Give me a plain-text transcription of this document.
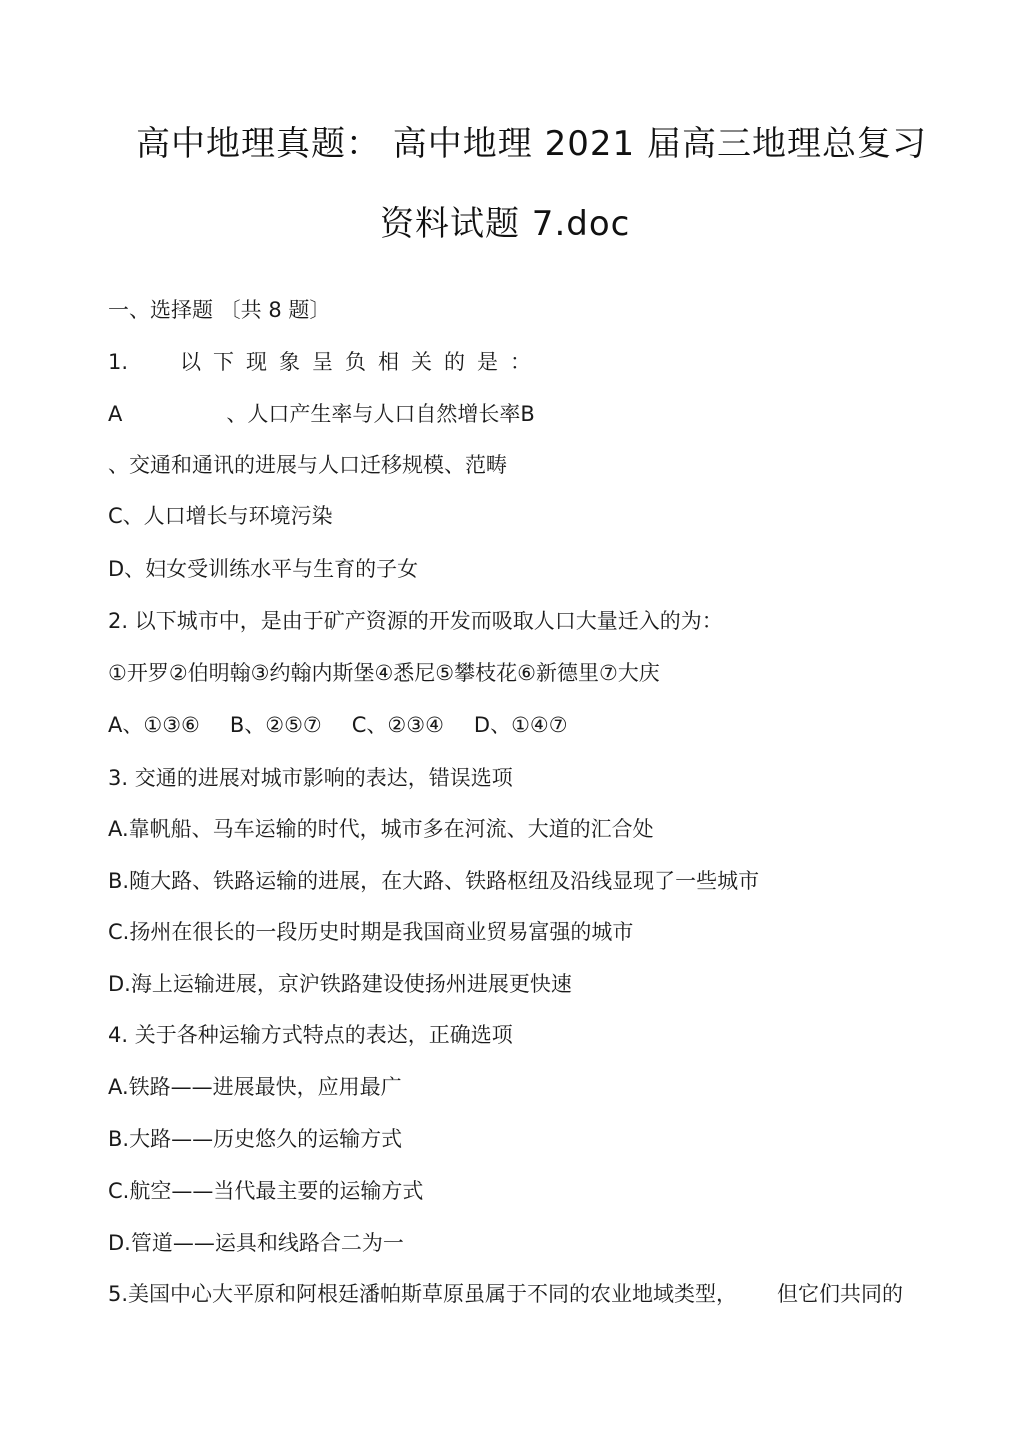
高中地理真题： 高中地理 2021 届高三地理总复习
资料试题 7.doc
一、选择题 〔共 8 题〕
1. 以下现象呈负相关的是：
A	、人口产生率与人口自然增长率B
、交通和通讯的进展与人口迁移规模、范畴
C、人口增长与环境污染
D、妇女受训练水平与生育的子女
2. 以下城市中，是由于矿产资源的开发而吸取人口大量迁入的为：
①开罗②伯明翰③约翰内斯堡④悉尼⑤攀枝花⑥新德里⑦大庆
A、①③⑥ B、②⑤⑦ C、②③④ D、①④⑦
3. 交通的进展对城市影响的表达，错误选项
A.靠帆船、马车运输的时代，城市多在河流、大道的汇合处
B.随大路、铁路运输的进展，在大路、铁路枢纽及沿线显现了一些城市
C.扬州在很长的一段历史时期是我国商业贸易富强的城市
D.海上运输进展，京沪铁路建设使扬州进展更快速
4. 关于各种运输方式特点的表达，正确选项
A.铁路——进展最快，应用最广
B.大路——历史悠久的运输方式
C.航空——当代最主要的运输方式
D.管道——运具和线路合二为一
5.美国中心大平原和阿根廷潘帕斯草原虽属于不同的农业地域类型， 但它们共同的
